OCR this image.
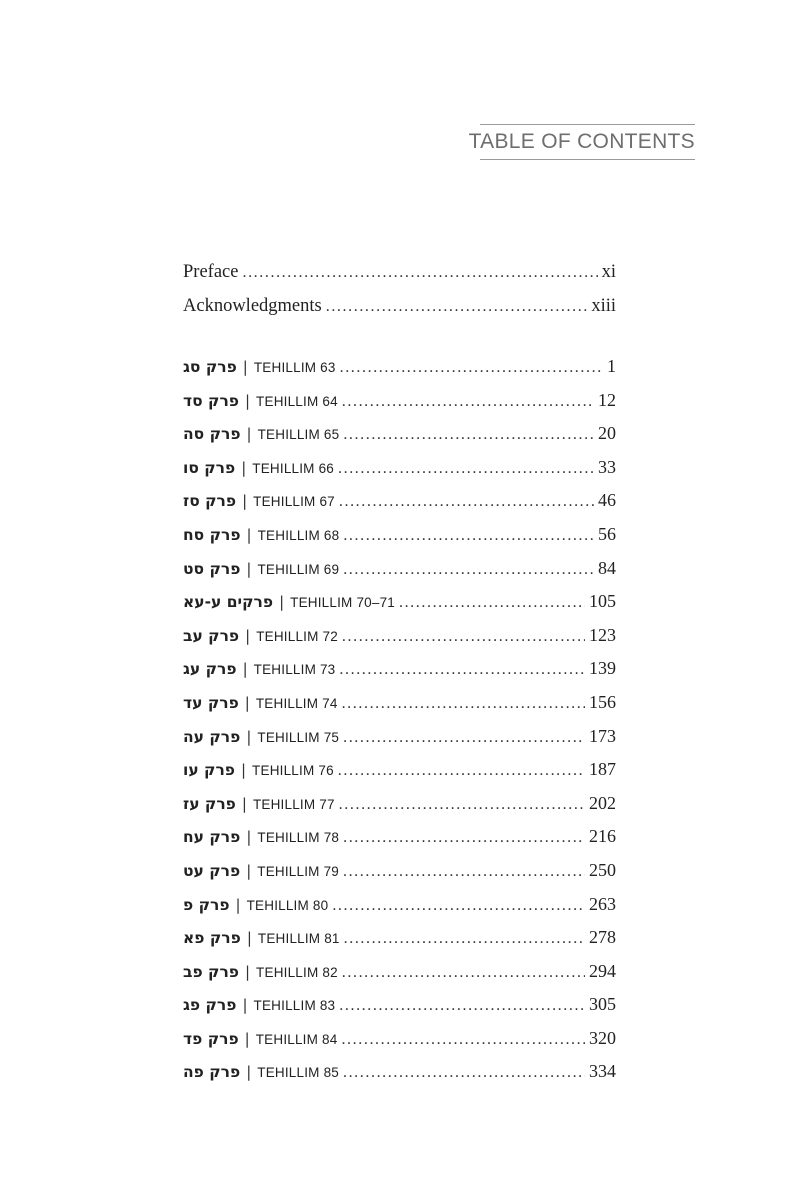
TABLE OF CONTENTS
Preface . . .	xi
Acknowledgments . . .	xiii
פרק סג | TEHILLIM 63 . . .	1
פרק סד | TEHILLIM 64 . . .	12
פרק סה | TEHILLIM 65 . . .	20
פרק סו | TEHILLIM 66 . . .	33
פרק סז | TEHILLIM 67 . . .	46
פרק סח | TEHILLIM 68 . . .	56
פרק סט | TEHILLIM 69 . . .	84
פרקים ע-עא | TEHILLIM 70–71 . . .	105
פרק עב | TEHILLIM 72 . . .	123
פרק עג | TEHILLIM 73 . . .	139
פרק עד | TEHILLIM 74 . . .	156
פרק עה | TEHILLIM 75 . . .	173
פרק עו | TEHILLIM 76 . . .	187
פרק עז | TEHILLIM 77 . . .	202
פרק עח | TEHILLIM 78 . . .	216
פרק עט | TEHILLIM 79 . . .	250
פרק פ | TEHILLIM 80 . . .	263
פרק פא | TEHILLIM 81 . . .	278
פרק פב | TEHILLIM 82 . . .	294
פרק פג | TEHILLIM 83 . . .	305
פרק פד | TEHILLIM 84 . . .	320
פרק פה | TEHILLIM 85 . . .	334
